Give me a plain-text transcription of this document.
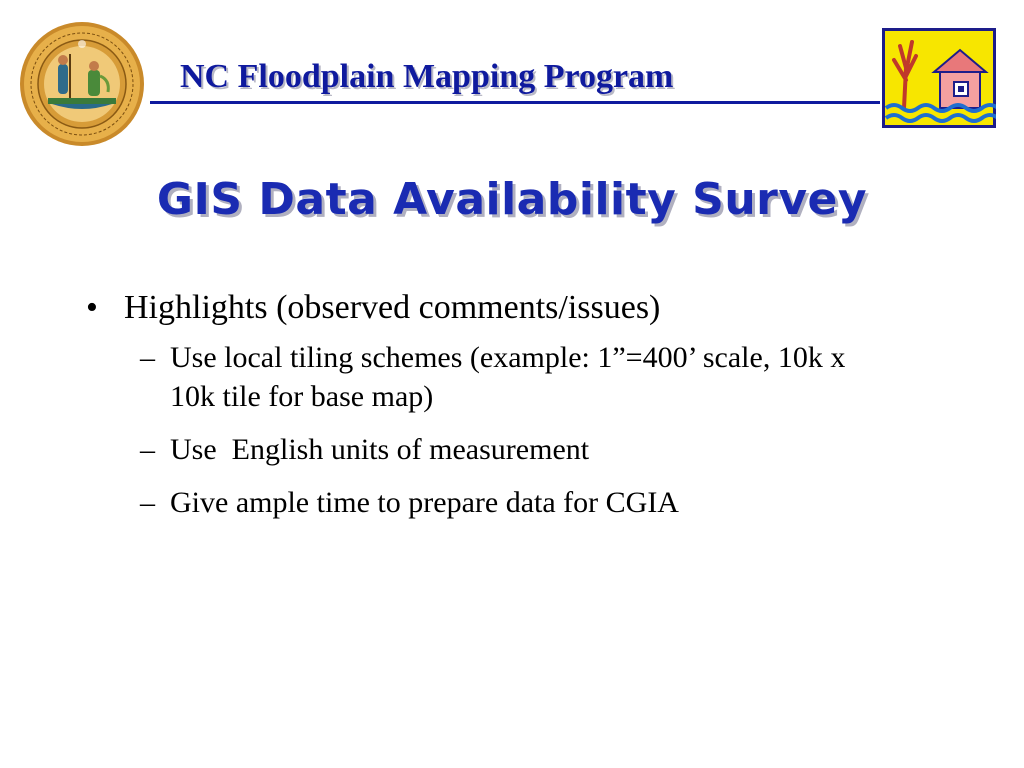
NC Floodplain Mapping Program
GIS Data Availability Survey
• Highlights (observed comments/issues)
– Use local tiling schemes (example: 1”=400’ scale, 10k x 10k tile for base map)
– Use  English units of measurement
– Give ample time to prepare data for CGIA
